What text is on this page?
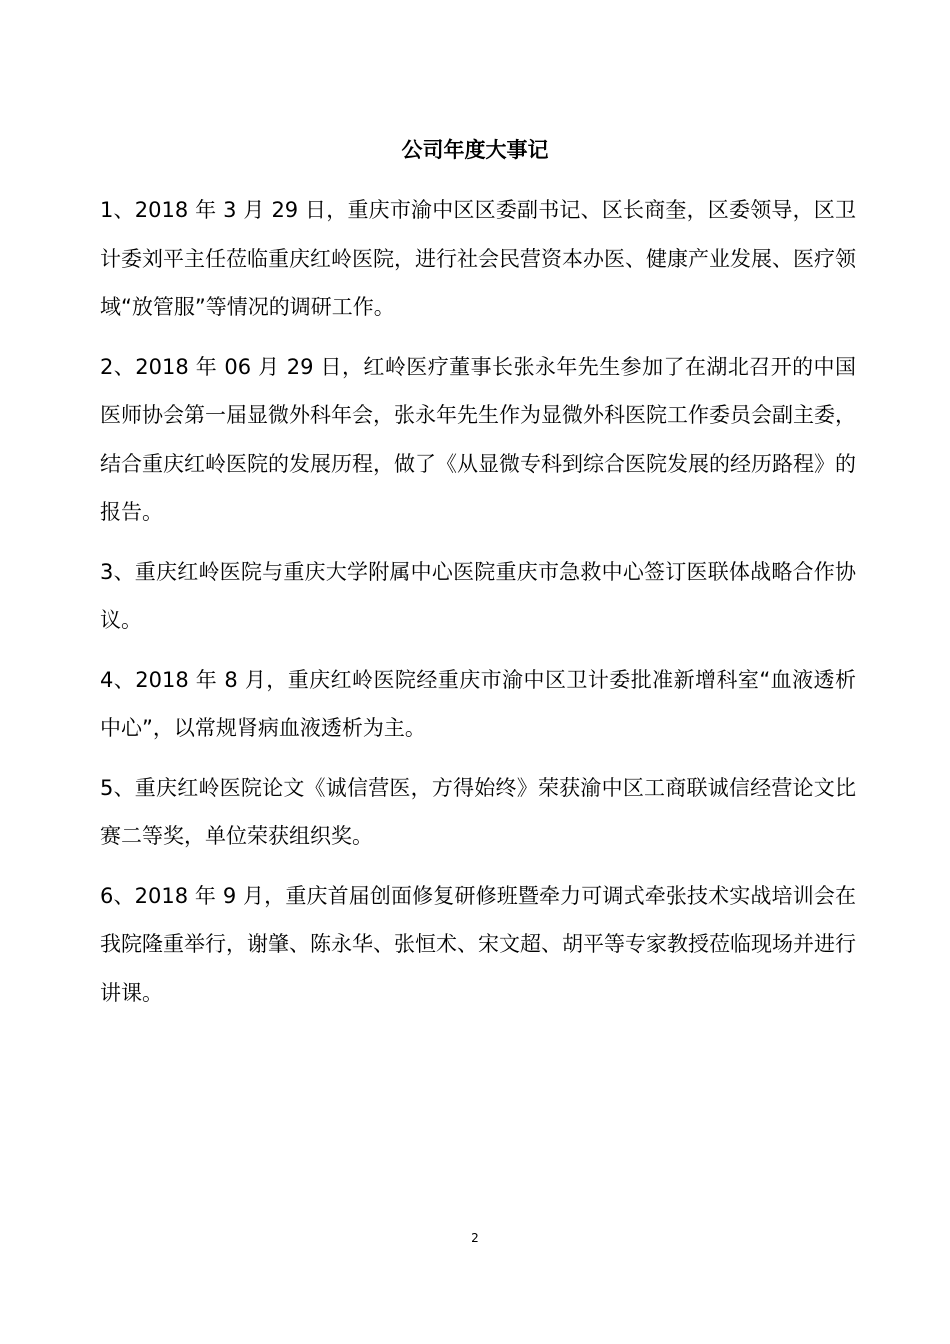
公司年度大事记

1、2018 年 3 月 29 日，重庆市渝中区区委副书记、区长商奎，区委领导，区卫计委刘平主任莅临重庆红岭医院，进行社会民营资本办医、健康产业发展、医疗领域“放管服”等情况的调研工作。

2、2018 年 06 月 29 日，红岭医疗董事长张永年先生参加了在湖北召开的中国医师协会第一届显微外科年会，张永年先生作为显微外科医院工作委员会副主委，结合重庆红岭医院的发展历程，做了《从显微专科到综合医院发展的经历路程》的报告。

3、重庆红岭医院与重庆大学附属中心医院重庆市急救中心签订医联体战略合作协议。

4、2018 年 8 月，重庆红岭医院经重庆市渝中区卫计委批准新增科室“血液透析中心”，以常规肾病血液透析为主。

5、重庆红岭医院论文《诚信营医，方得始终》荣获渝中区工商联诚信经营论文比赛二等奖，单位荣获组织奖。

6、2018 年 9 月，重庆首届创面修复研修班暨牵力可调式牵张技术实战培训会在我院隆重举行，谢肇、陈永华、张恒术、宋文超、胡平等专家教授莅临现场并进行讲课。

2
